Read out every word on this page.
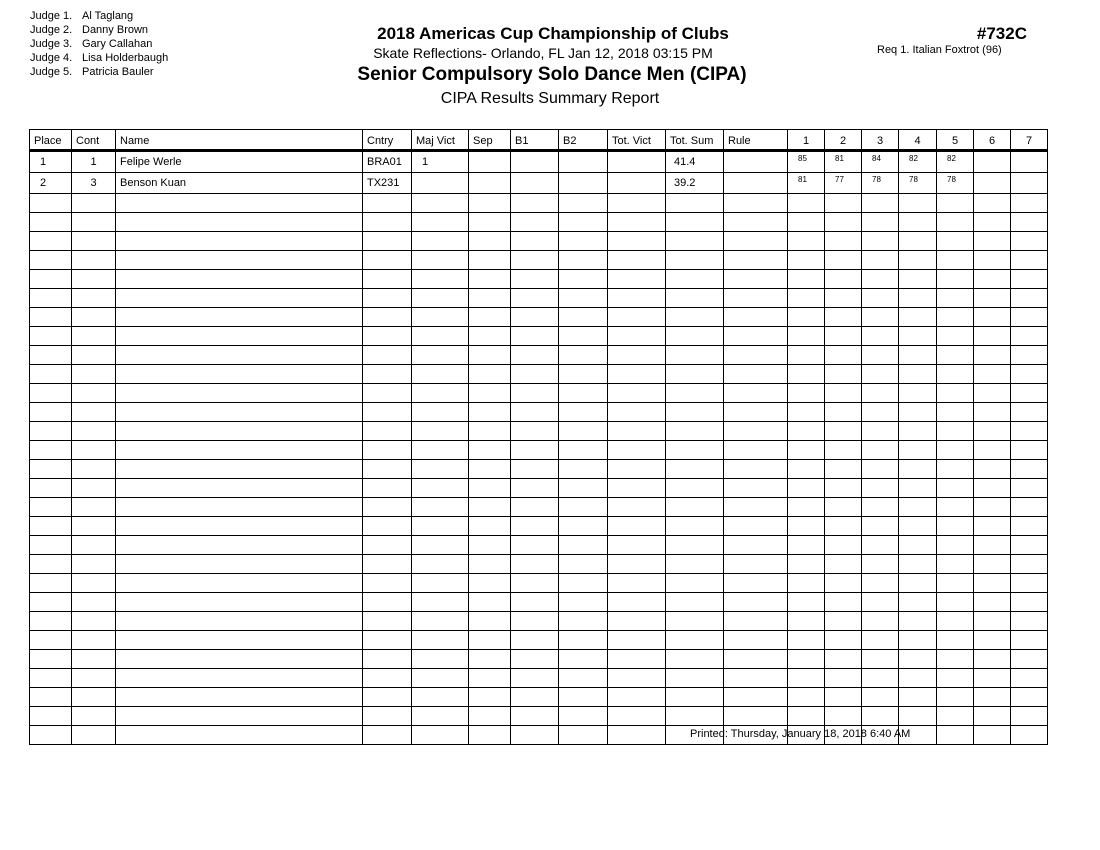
Judge 1. Al Taglang
Judge 2. Danny Brown
Judge 3. Gary Callahan
Judge 4. Lisa Holderbaugh
Judge 5. Patricia Bauler
2018 Americas Cup Championship of Clubs
Skate Reflections- Orlando, FL Jan 12, 2018 03:15 PM
Senior Compulsory Solo Dance Men (CIPA)
CIPA Results Summary Report
#732C
Req 1. Italian Foxtrot (96)
Place	Cont	Name	Cntry	Maj Vict	Sep	B1	B2	Tot. Vict	Tot. Sum	Rule	1	2	3	4	5	6	7
1	1	Felipe Werle	BRA01	1					41.4		85	81	84	82	82		
2	3	Benson Kuan	TX231						39.2		81	77	78	78	78		

Printed: Thursday, January 18, 2018 6:40 AM
